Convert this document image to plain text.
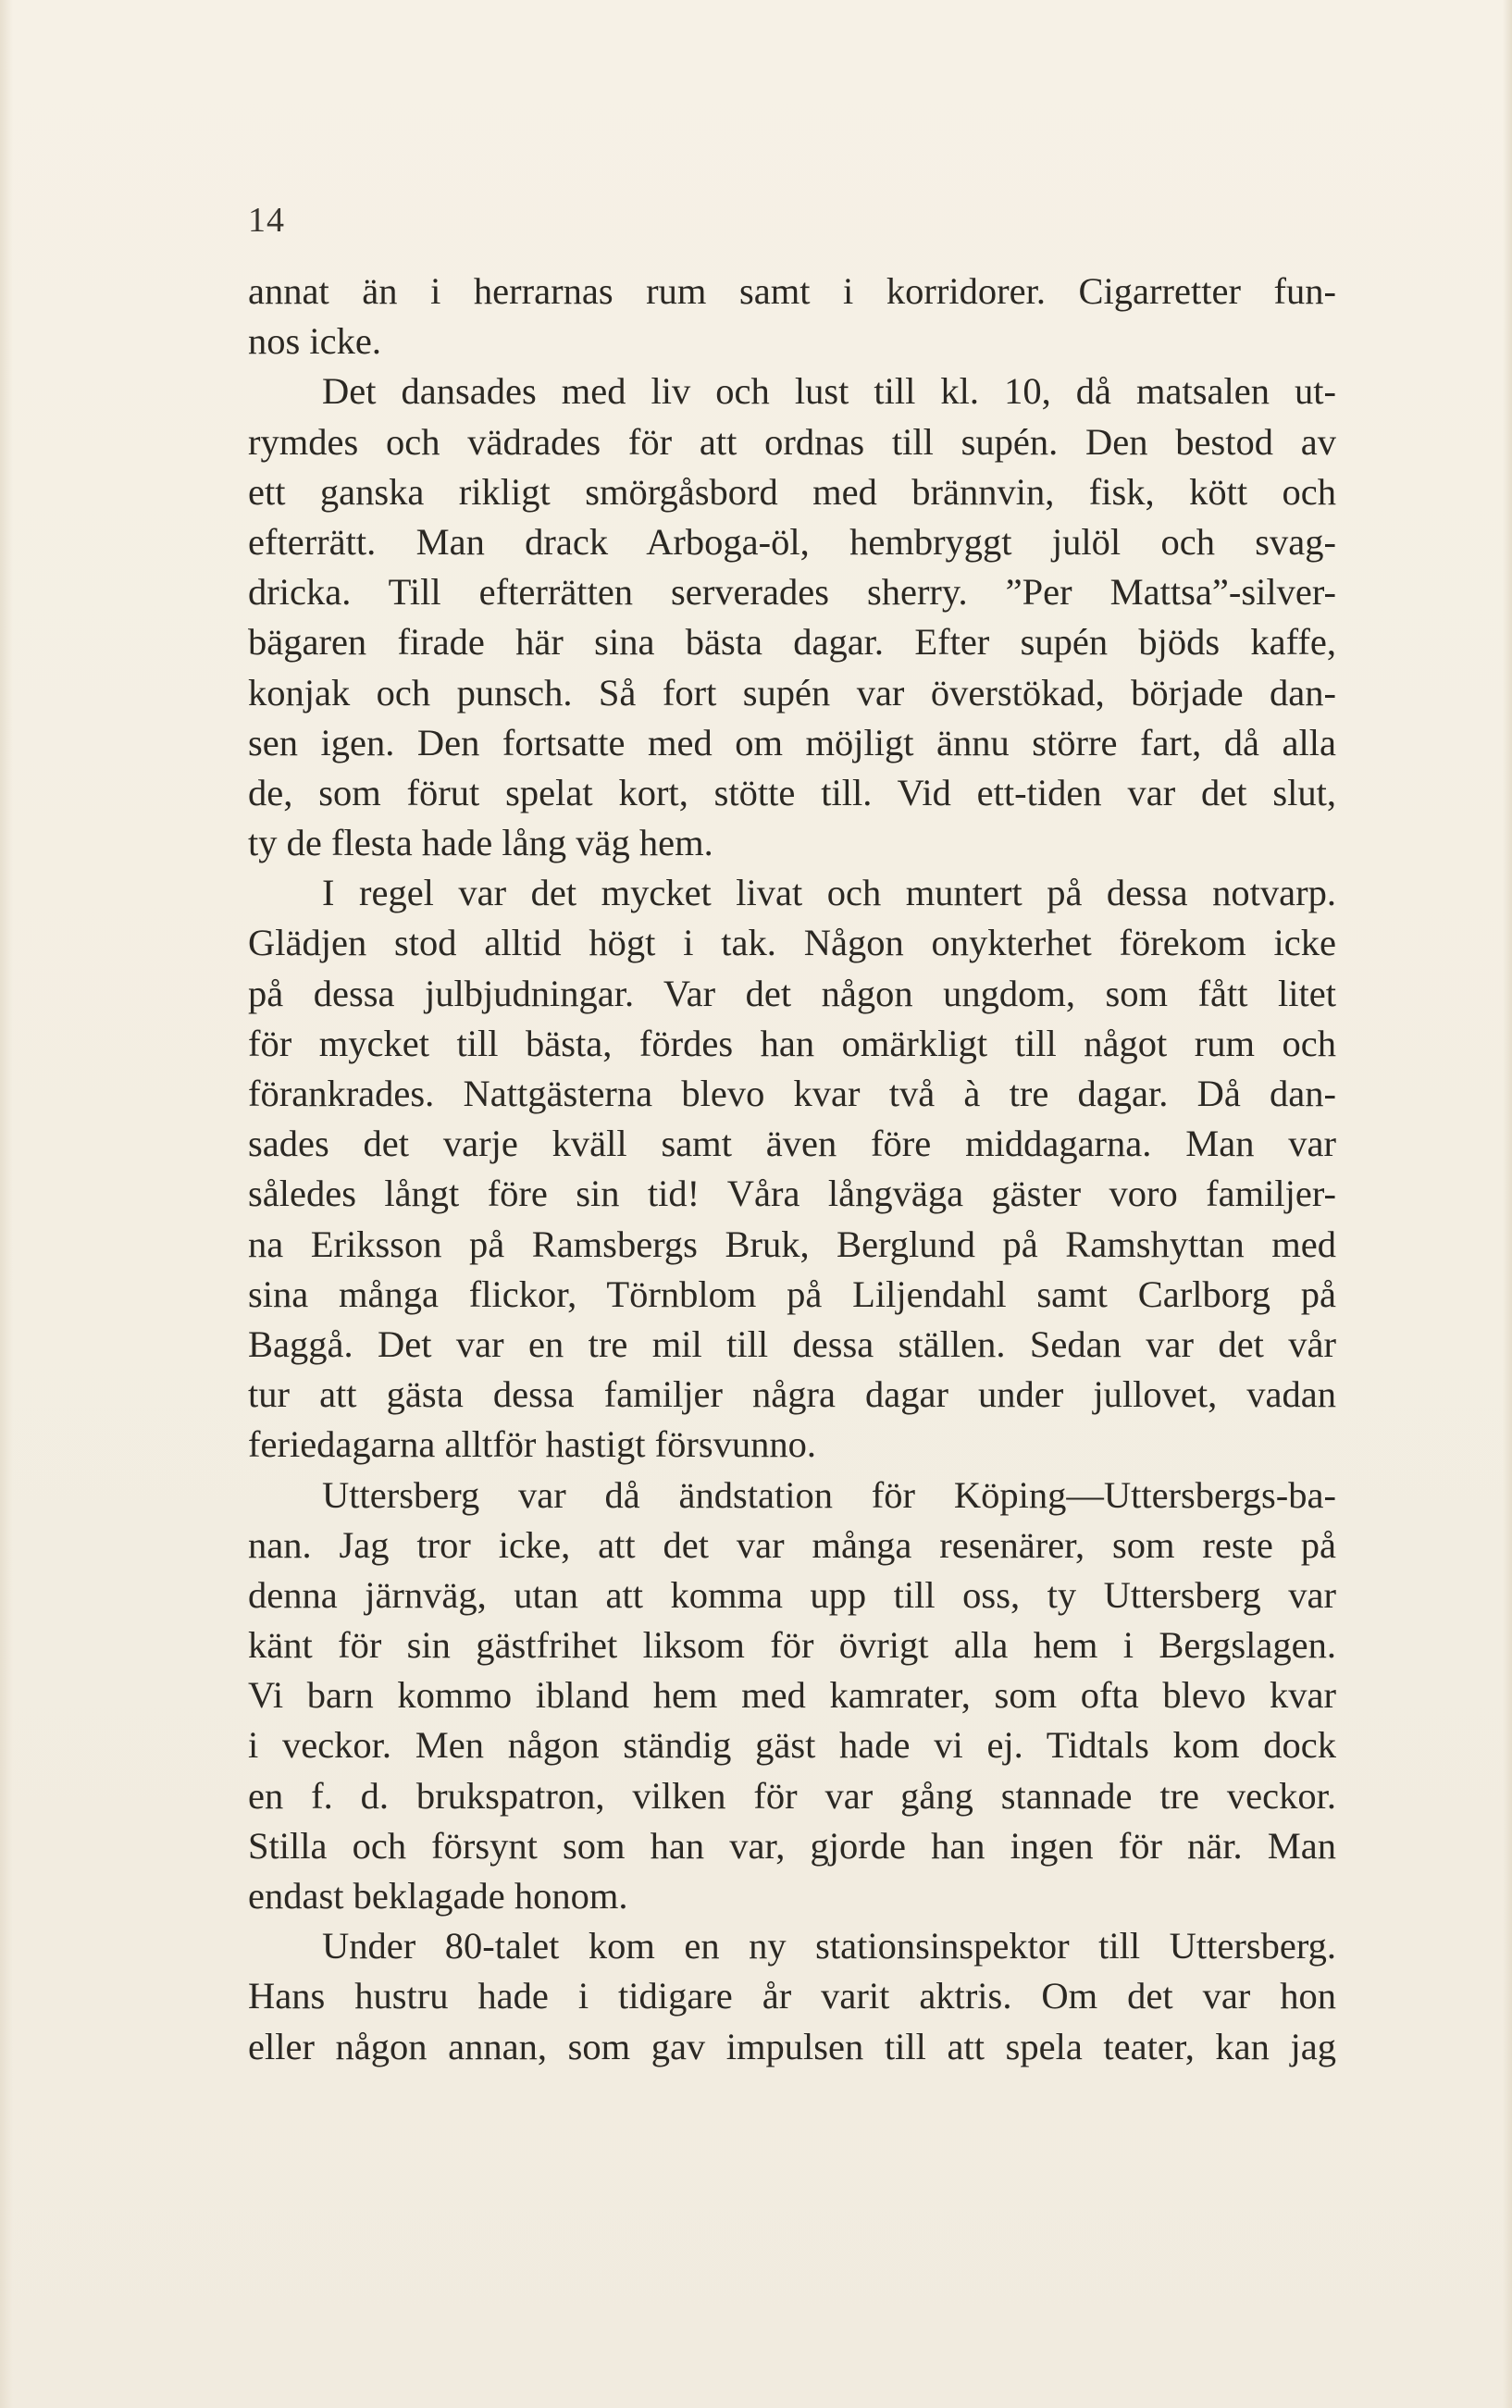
14
annat än i herrarnas rum samt i korridorer. Cigarretter fun-
nos icke.
Det dansades med liv och lust till kl. 10, då matsalen ut-
rymdes och vädrades för att ordnas till supén. Den bestod av
ett ganska rikligt smörgåsbord med brännvin, fisk, kött och
efterrätt. Man drack Arboga-öl, hembryggt julöl och svag-
dricka. Till efterrätten serverades sherry. ”Per Mattsa”-silver-
bägaren firade här sina bästa dagar. Efter supén bjöds kaffe,
konjak och punsch. Så fort supén var överstökad, började dan-
sen igen. Den fortsatte med om möjligt ännu större fart, då alla
de, som förut spelat kort, stötte till. Vid ett-tiden var det slut,
ty de flesta hade lång väg hem.
I regel var det mycket livat och muntert på dessa notvarp.
Glädjen stod alltid högt i tak. Någon onykterhet förekom icke
på dessa julbjudningar. Var det någon ungdom, som fått litet
för mycket till bästa, fördes han omärkligt till något rum och
förankrades. Nattgästerna blevo kvar två à tre dagar. Då dan-
sades det varje kväll samt även före middagarna. Man var
således långt före sin tid! Våra långväga gäster voro familjer-
na Eriksson på Ramsbergs Bruk, Berglund på Ramshyttan med
sina många flickor, Törnblom på Liljendahl samt Carlborg på
Baggå. Det var en tre mil till dessa ställen. Sedan var det vår
tur att gästa dessa familjer några dagar under jullovet, vadan
feriedagarna alltför hastigt försvunno.
Uttersberg var då ändstation för Köping—Uttersbergs-ba-
nan. Jag tror icke, att det var många resenärer, som reste på
denna järnväg, utan att komma upp till oss, ty Uttersberg var
känt för sin gästfrihet liksom för övrigt alla hem i Bergslagen.
Vi barn kommo ibland hem med kamrater, som ofta blevo kvar
i veckor. Men någon ständig gäst hade vi ej. Tidtals kom dock
en f. d. brukspatron, vilken för var gång stannade tre veckor.
Stilla och försynt som han var, gjorde han ingen för när. Man
endast beklagade honom.
Under 80-talet kom en ny stationsinspektor till Uttersberg.
Hans hustru hade i tidigare år varit aktris. Om det var hon
eller någon annan, som gav impulsen till att spela teater, kan jag
